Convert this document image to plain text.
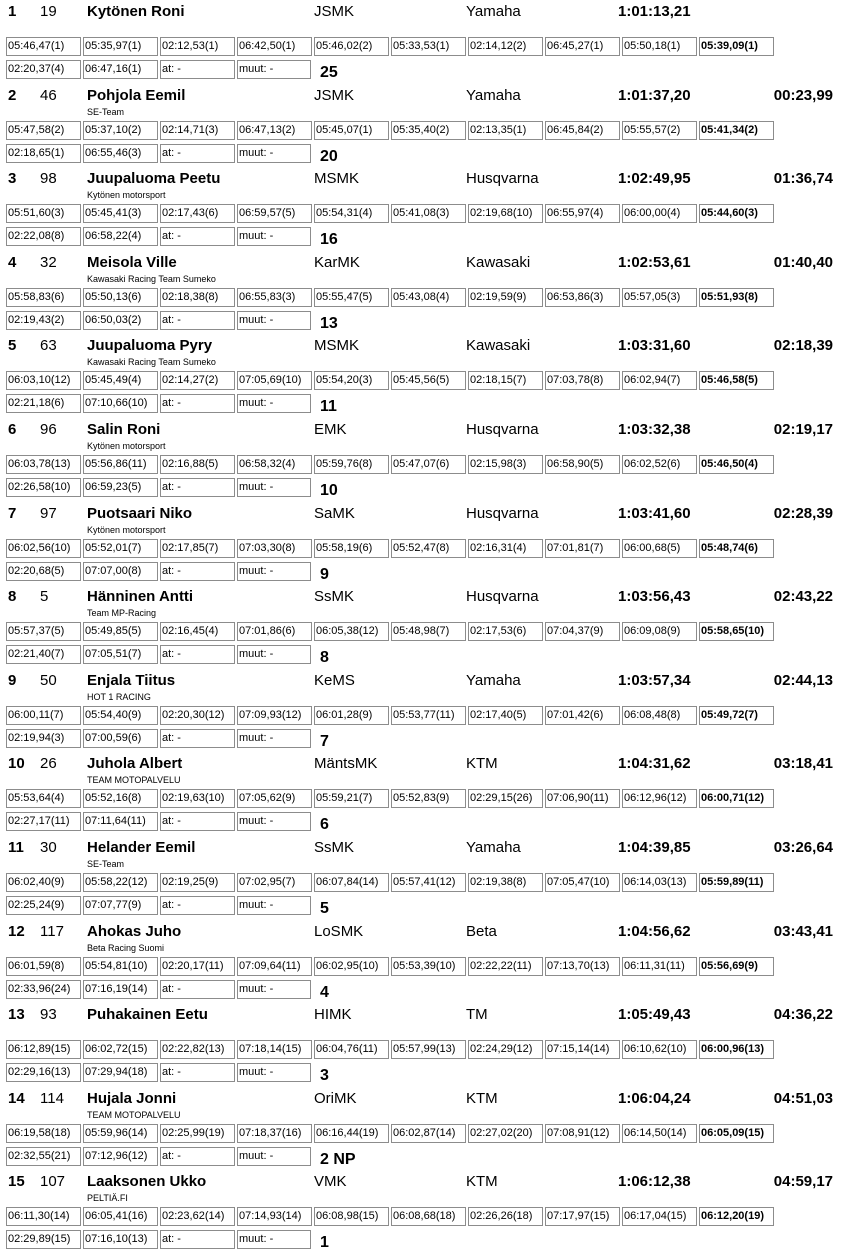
1 19 Kytönen Roni	JSMK	Yamaha	1:01:13,21
05:46,47(1)	05:35,97(1)	02:12,53(1)	06:42,50(1)	05:46,02(2)	05:33,53(1)	02:14,12(2)	06:45,27(1)	05:50,18(1)	05:39,09(1)
02:20,37(4)	06:47,16(1)	at: -	muut: -	25
2 46 Pohjola Eemil	JSMK	Yamaha	1:01:37,20	00:23,99
SE-Team
05:47,58(2)	05:37,10(2)	02:14,71(3)	06:47,13(2)	05:45,07(1)	05:35,40(2)	02:13,35(1)	06:45,84(2)	05:55,57(2)	05:41,34(2)
02:18,65(1)	06:55,46(3)	at: -	muut: -	20
3 98 Juupaluoma Peetu	MSMK	Husqvarna	1:02:49,95	01:36,74
Kytönen motorsport
05:51,60(3)	05:45,41(3)	02:17,43(6)	06:59,57(5)	05:54,31(4)	05:41,08(3)	02:19,68(10)	06:55,97(4)	06:00,00(4)	05:44,60(3)
02:22,08(8)	06:58,22(4)	at: -	muut: -	16
4 32 Meisola Ville	KarMK	Kawasaki	1:02:53,61	01:40,40
Kawasaki Racing Team Sumeko
05:58,83(6)	05:50,13(6)	02:18,38(8)	06:55,83(3)	05:55,47(5)	05:43,08(4)	02:19,59(9)	06:53,86(3)	05:57,05(3)	05:51,93(8)
02:19,43(2)	06:50,03(2)	at: -	muut: -	13
5 63 Juupaluoma Pyry	MSMK	Kawasaki	1:03:31,60	02:18,39
Kawasaki Racing Team Sumeko
06:03,10(12)	05:45,49(4)	02:14,27(2)	07:05,69(10)	05:54,20(3)	05:45,56(5)	02:18,15(7)	07:03,78(8)	06:02,94(7)	05:46,58(5)
02:21,18(6)	07:10,66(10)	at: -	muut: -	11
6 96 Salin Roni	EMK	Husqvarna	1:03:32,38	02:19,17
Kytönen motorsport
06:03,78(13)	05:56,86(11)	02:16,88(5)	06:58,32(4)	05:59,76(8)	05:47,07(6)	02:15,98(3)	06:58,90(5)	06:02,52(6)	05:46,50(4)
02:26,58(10)	06:59,23(5)	at: -	muut: -	10
7 97 Puotsaari Niko	SaMK	Husqvarna	1:03:41,60	02:28,39
Kytönen motorsport
06:02,56(10)	05:52,01(7)	02:17,85(7)	07:03,30(8)	05:58,19(6)	05:52,47(8)	02:16,31(4)	07:01,81(7)	06:00,68(5)	05:48,74(6)
02:20,68(5)	07:07,00(8)	at: -	muut: -	9
8 5	Hänninen Antti	SsMK	Husqvarna	1:03:56,43	02:43,22
Team MP-Racing
05:57,37(5)	05:49,85(5)	02:16,45(4)	07:01,86(6)	06:05,38(12)	05:48,98(7)	02:17,53(6)	07:04,37(9)	06:09,08(9)	05:58,65(10)
02:21,40(7)	07:05,51(7)	at: -	muut: -	8
9 50 Enjala Tiitus	KeMS	Yamaha	1:03:57,34	02:44,13
HOT 1 RACING
06:00,11(7)	05:54,40(9)	02:20,30(12)	07:09,93(12)	06:01,28(9)	05:53,77(11)	02:17,40(5)	07:01,42(6)	06:08,48(8)	05:49,72(7)
02:19,94(3)	07:00,59(6)	at: -	muut: -	7
10 26 Juhola Albert	MäntsMK	KTM	1:04:31,62	03:18,41
TEAM MOTOPALVELU
05:53,64(4)	05:52,16(8)	02:19,63(10)	07:05,62(9)	05:59,21(7)	05:52,83(9)	02:29,15(26)	07:06,90(11)	06:12,96(12)	06:00,71(12)
02:27,17(11)	07:11,64(11)	at: -	muut: -	6
11 30 Helander Eemil	SsMK	Yamaha	1:04:39,85	03:26,64
SE-Team
06:02,40(9)	05:58,22(12)	02:19,25(9)	07:02,95(7)	06:07,84(14)	05:57,41(12)	02:19,38(8)	07:05,47(10)	06:14,03(13)	05:59,89(11)
02:25,24(9)	07:07,77(9)	at: -	muut: -	5
12 117 Ahokas Juho	LoSMK	Beta	1:04:56,62	03:43,41
Beta Racing Suomi
06:01,59(8)	05:54,81(10)	02:20,17(11)	07:09,64(11)	06:02,95(10)	05:53,39(10)	02:22,22(11)	07:13,70(13)	06:11,31(11)	05:56,69(9)
02:33,96(24)	07:16,19(14)	at: -	muut: -	4
13 93 Puhakainen Eetu	HIMK	TM	1:05:49,43	04:36,22
06:12,89(15)	06:02,72(15)	02:22,82(13)	07:18,14(15)	06:04,76(11)	05:57,99(13)	02:24,29(12)	07:15,14(14)	06:10,62(10)	06:00,96(13)
02:29,16(13)	07:29,94(18)	at: -	muut: -	3
14 114 Hujala Jonni	OriMK	KTM	1:06:04,24	04:51,03
TEAM MOTOPALVELU
06:19,58(18)	05:59,96(14)	02:25,99(19)	07:18,37(16)	06:16,44(19)	06:02,87(14)	02:27,02(20)	07:08,91(12)	06:14,50(14)	06:05,09(15)
02:32,55(21)	07:12,96(12)	at: -	muut: -	2 NP
15 107 Laaksonen Ukko	VMK	KTM	1:06:12,38	04:59,17
PELTIÄ.FI
06:11,30(14)	06:05,41(16)	02:23,62(14)	07:14,93(14)	06:08,98(15)	06:08,68(18)	02:26,26(18)	07:17,97(15)	06:17,04(15)	06:12,20(19)
02:29,89(15)	07:16,10(13)	at: -	muut: -	1
